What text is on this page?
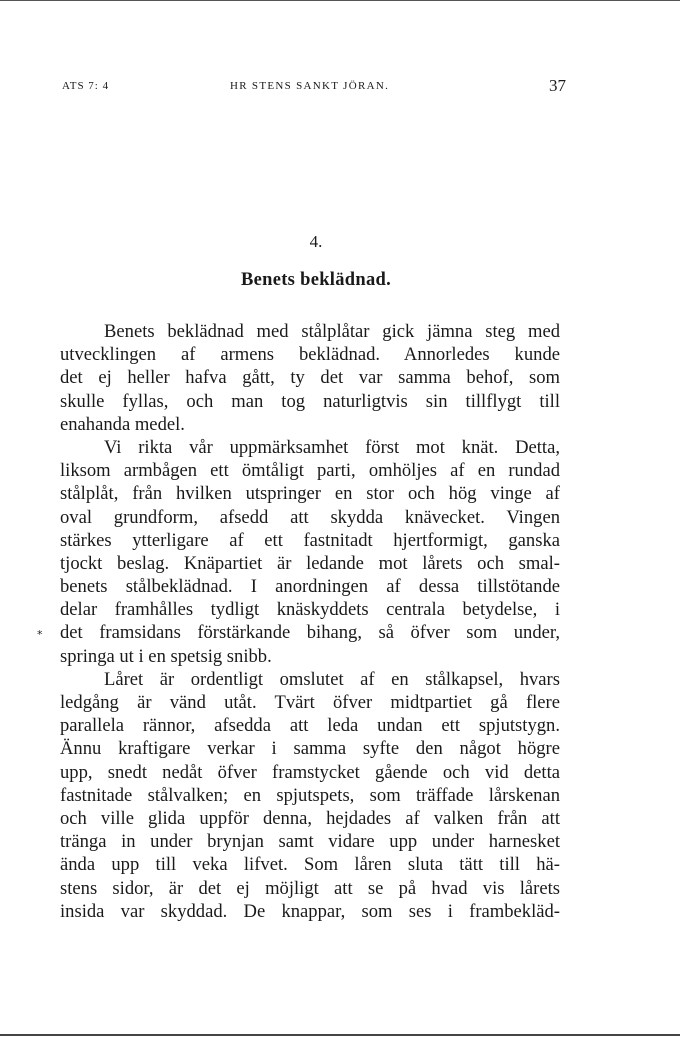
ATS 7: 4	HR STENS SANKT JÖRAN.	37
4.
Benets beklädnad.
*
Benets beklädnad med stålplåtar gick jämna steg med
utvecklingen af armens beklädnad. Annorledes kunde
det ej heller hafva gått, ty det var samma behof, som
skulle fyllas, och man tog naturligtvis sin tillflygt till
enahanda medel.
Vi rikta vår uppmärksamhet först mot knät. Detta,
liksom armbågen ett ömtåligt parti, omhöljes af en rundad
stålplåt, från hvilken utspringer en stor och hög vinge af
oval grundform, afsedd att skydda knävecket. Vingen
stärkes ytterligare af ett fastnitadt hjertformigt, ganska
tjockt beslag. Knäpartiet är ledande mot lårets och smal-
benets stålbeklädnad. I anordningen af dessa tillstötande
delar framhålles tydligt knäskyddets centrala betydelse, i
det framsidans förstärkande bihang, så öfver som under,
springa ut i en spetsig snibb.
Låret är ordentligt omslutet af en stålkapsel, hvars
ledgång är vänd utåt. Tvärt öfver midtpartiet gå flere
parallela rännor, afsedda att leda undan ett spjutstygn.
Ännu kraftigare verkar i samma syfte den något högre
upp, snedt nedåt öfver framstycket gående och vid detta
fastnitade stålvalken; en spjutspets, som träffade lårskenan
och ville glida uppför denna, hejdades af valken från att
tränga in under brynjan samt vidare upp under harnesket
ända upp till veka lifvet. Som låren sluta tätt till hä-
stens sidor, är det ej möjligt att se på hvad vis lårets
insida var skyddad. De knappar, som ses i frambekläd-
